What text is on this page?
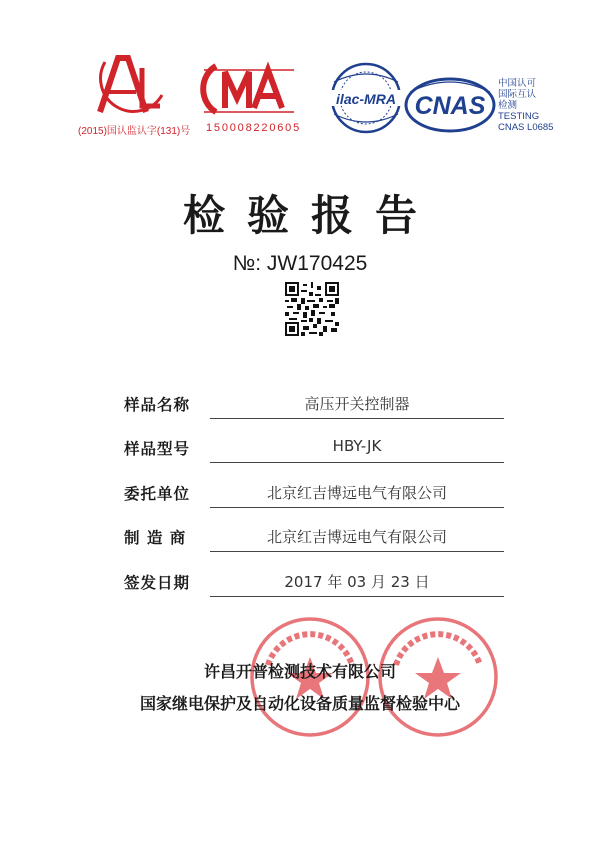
ilac-MRA CNAS
(2015)国认监认字(131)号 150008220605
中国认可
国际互认
检测
TESTING
CNAS L0685
检验报告
№: JW170425
样品名称	高压开关控制器
样品型号	HBY-JK
委托单位	北京红吉博远电气有限公司
制 造 商	北京红吉博远电气有限公司
签发日期	2017 年 03 月 23 日
许昌开普检测技术有限公司
国家继电保护及自动化设备质量监督检验中心
